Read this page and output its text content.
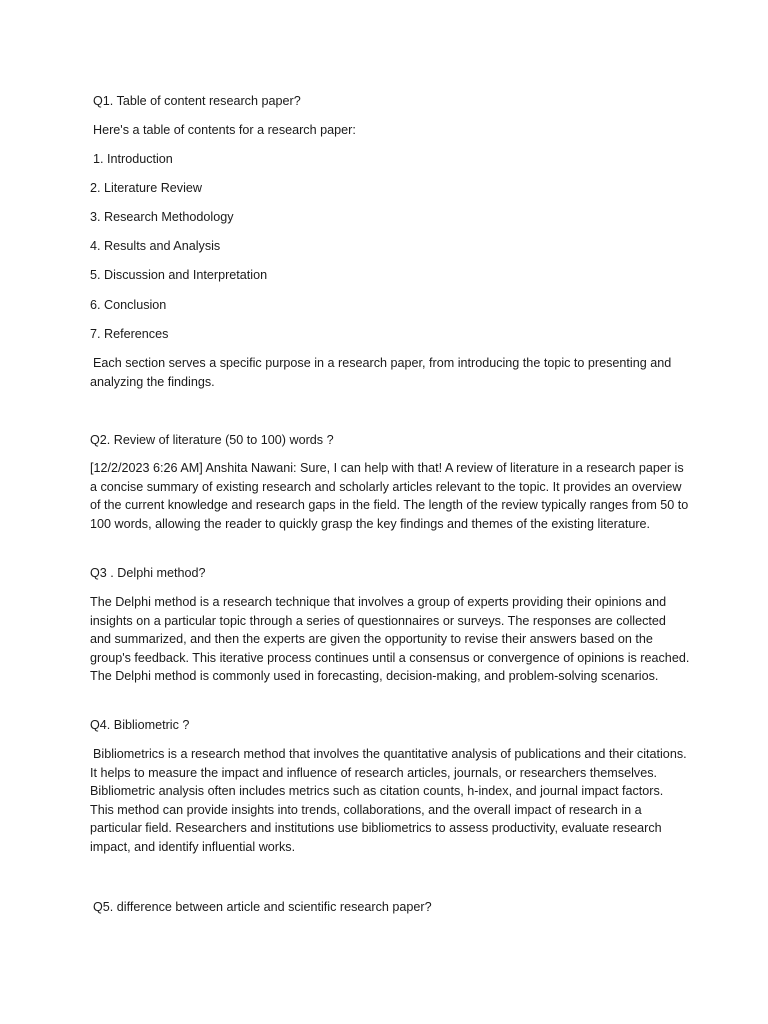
Q1. Table of content research paper?

Here's a table of contents for a research paper:

1. Introduction

2. Literature Review

3. Research Methodology

4. Results and Analysis

5. Discussion and Interpretation

6. Conclusion

7. References

Each section serves a specific purpose in a research paper, from introducing the topic to presenting and analyzing the findings.

Q2. Review of literature (50 to 100) words ?

[12/2/2023 6:26 AM] Anshita Nawani: Sure, I can help with that! A review of literature in a research paper is a concise summary of existing research and scholarly articles relevant to the topic. It provides an overview of the current knowledge and research gaps in the field. The length of the review typically ranges from 50 to 100 words, allowing the reader to quickly grasp the key findings and themes of the existing literature.

Q3 . Delphi method?

The Delphi method is a research technique that involves a group of experts providing their opinions and insights on a particular topic through a series of questionnaires or surveys. The responses are collected and summarized, and then the experts are given the opportunity to revise their answers based on the group's feedback. This iterative process continues until a consensus or convergence of opinions is reached. The Delphi method is commonly used in forecasting, decision-making, and problem-solving scenarios.

Q4. Bibliometric ?

Bibliometrics is a research method that involves the quantitative analysis of publications and their citations. It helps to measure the impact and influence of research articles, journals, or researchers themselves. Bibliometric analysis often includes metrics such as citation counts, h-index, and journal impact factors. This method can provide insights into trends, collaborations, and the overall impact of research in a particular field. Researchers and institutions use bibliometrics to assess productivity, evaluate research impact, and identify influential works.

Q5. difference between article and scientific research paper?
